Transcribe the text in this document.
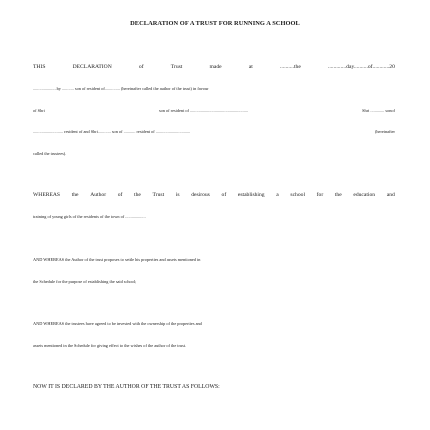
DECLARATION OF A TRUST FOR RUNNING A SCHOOL
THIS	DECLARATION	of	Trust	made	at	..........the	.............day..........of............20
......................by ........... son of resident of.............. (hereinafter called the author of the trust) in favour
of Shri	son of resident of ......................................................	Shri ............. sonof
............................ resident of and Shri............ son of ........... resident of ................................	(hereinafter
called the trustees).
WHEREAS the Author of the Trust is desirous of establishing a school for the education and
training of young girls of the residents of the town of ...................
AND WHEREAS the Author of the trust proposes to settle his properties and assets mentioned in
the Schedule for the purpose of establishing the said school;
AND WHEREAS the trustees have agreed to be invested with the ownership of the properties and
assets mentioned in the Schedule for giving effect to the wishes of the author of the trust.
NOW IT IS DECLARED BY THE AUTHOR OF THE TRUST AS FOLLOWS:
